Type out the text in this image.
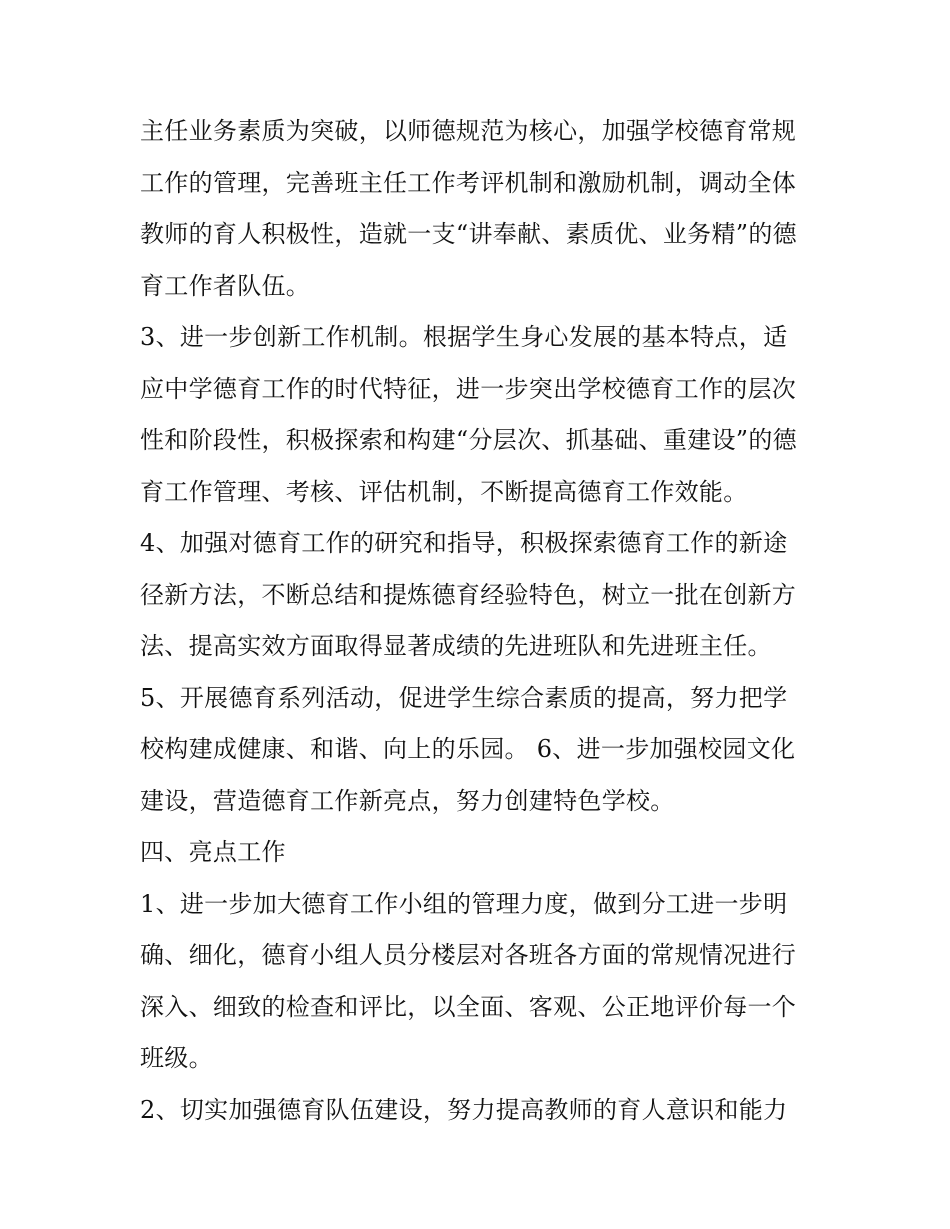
主任业务素质为突破，以师德规范为核心，加强学校德育常规
工作的管理，完善班主任工作考评机制和激励机制，调动全体
教师的育人积极性，造就一支“讲奉献、素质优、业务精”的德
育工作者队伍。
3、进一步创新工作机制。根据学生身心发展的基本特点，适
应中学德育工作的时代特征，进一步突出学校德育工作的层次
性和阶段性，积极探索和构建“分层次、抓基础、重建设”的德
育工作管理、考核、评估机制，不断提高德育工作效能。
4、加强对德育工作的研究和指导，积极探索德育工作的新途
径新方法，不断总结和提炼德育经验特色，树立一批在创新方
法、提高实效方面取得显著成绩的先进班队和先进班主任。
5、开展德育系列活动，促进学生综合素质的提高，努力把学
校构建成健康、和谐、向上的乐园。 6、进一步加强校园文化
建设，营造德育工作新亮点，努力创建特色学校。
四、亮点工作
1、进一步加大德育工作小组的管理力度，做到分工进一步明
确、细化，德育小组人员分楼层对各班各方面的常规情况进行
深入、细致的检查和评比，以全面、客观、公正地评价每一个
班级。
2、切实加强德育队伍建设，努力提高教师的育人意识和能力
